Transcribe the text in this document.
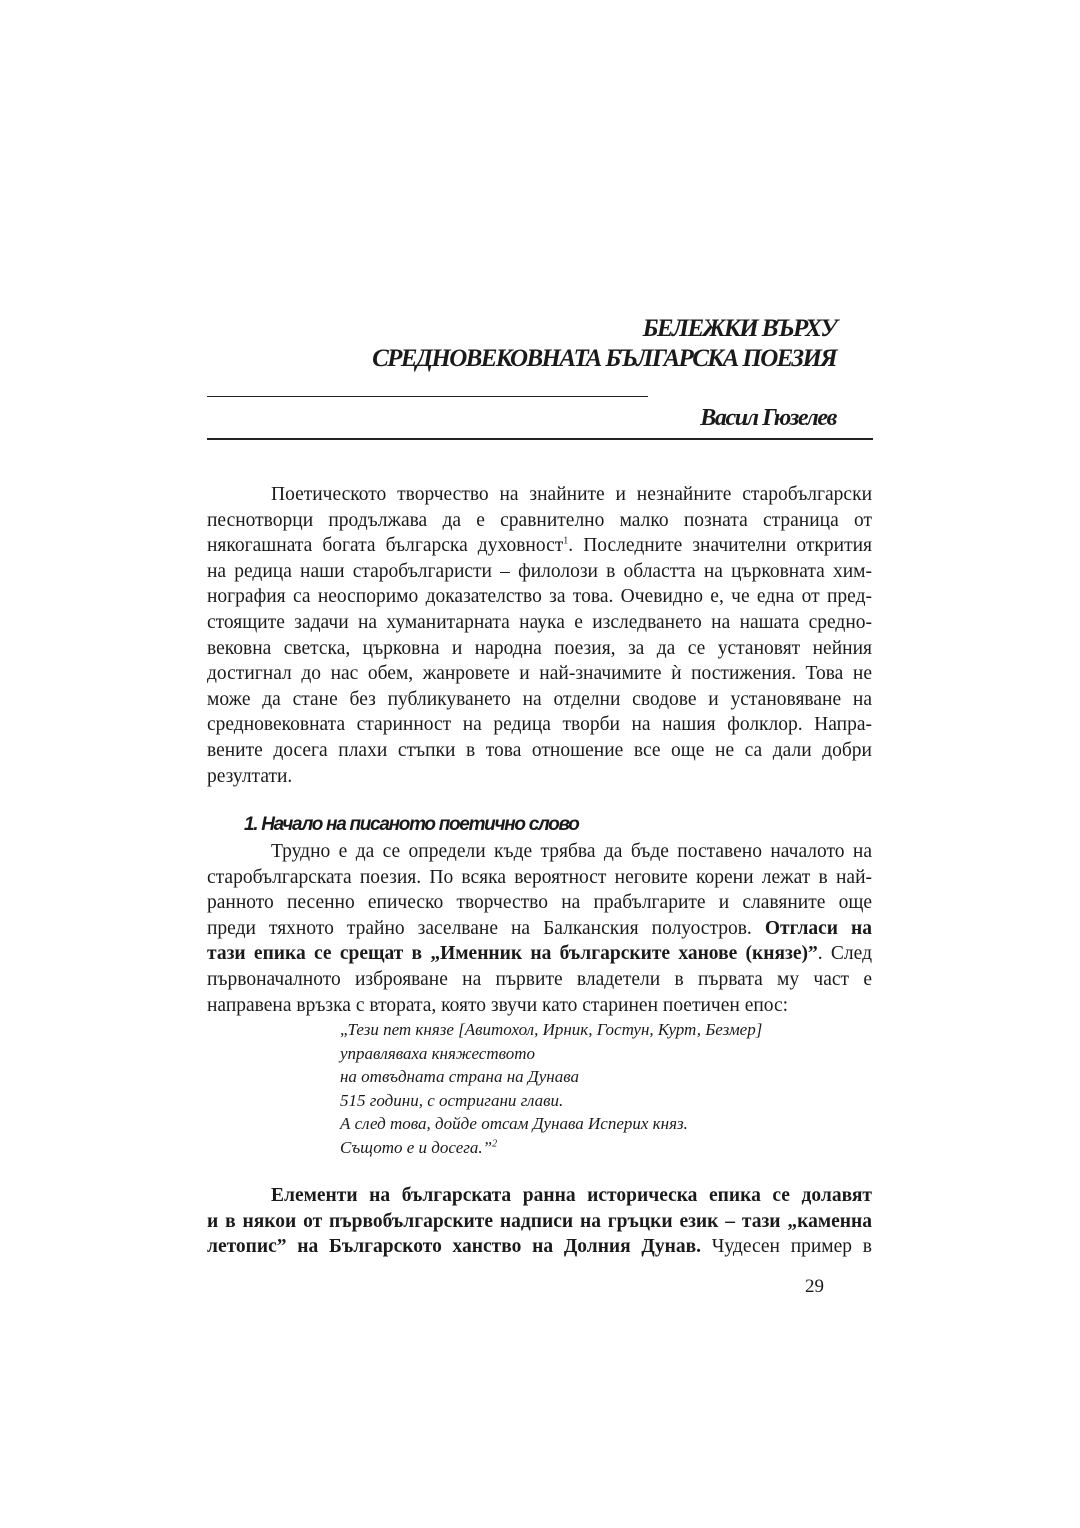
БЕЛЕЖКИ ВЪРХУ
СРЕДНОВЕКОВНАТА БЪЛГАРСКА ПОЕЗИЯ

Васил Гюзелев

Поетическото творчество на знайните и незнайните старобългарски
песнотворци продължава да е сравнително малко позната страница от
някогашната богата българска духовност$^1$. Последните значителни открития
на редица наши старобългаристи – филолози в областта на църковната хим-
нография са неоспоримо доказателство за това. Очевидно е, че една от пред-
стоящите задачи на хуманитарната наука е изследването на нашата средно-
вековна светска, църковна и народна поезия, за да се установят нейния
достигнал до нас обем, жанровете и най-значимите ѝ постижения. Това не
може да стане без публикуването на отделни сводове и установяване на
средновековната старинност на редица творби на нашия фолклор. Напра-
вените досега плахи стъпки в това отношение все още не са дали добри
резултати.

1. Начало на писаното поетично слово

Трудно е да се определи къде трябва да бъде поставено началото на
старобългарската поезия. По всяка вероятност неговите корени лежат в най-
ранното песенно епическо творчество на прабългарите и славяните още
преди тяхното трайно заселване на Балканския полуостров. Отгласи на
тази епика се срещат в „Именник на българските ханове (князе)”. След
първоначалното изброяване на първите владетели в първата му част е
направена връзка с втората, която звучи като старинен поетичен епос:

„Тези пет князе [Авитохол, Ирник, Гостун, Курт, Безмер]
управляваха княжеството
на отвъдната страна на Дунава
515 години, с остригани глави.
А след това, дойде отсам Дунава Исперих княз.
Същото е и досега.”$^2$

Елементи на българската ранна историческа епика се долавят
и в някои от първобългарските надписи на гръцки език – тази „каменна
летопис” на Българското ханство на Долния Дунав. Чудесен пример в

29
